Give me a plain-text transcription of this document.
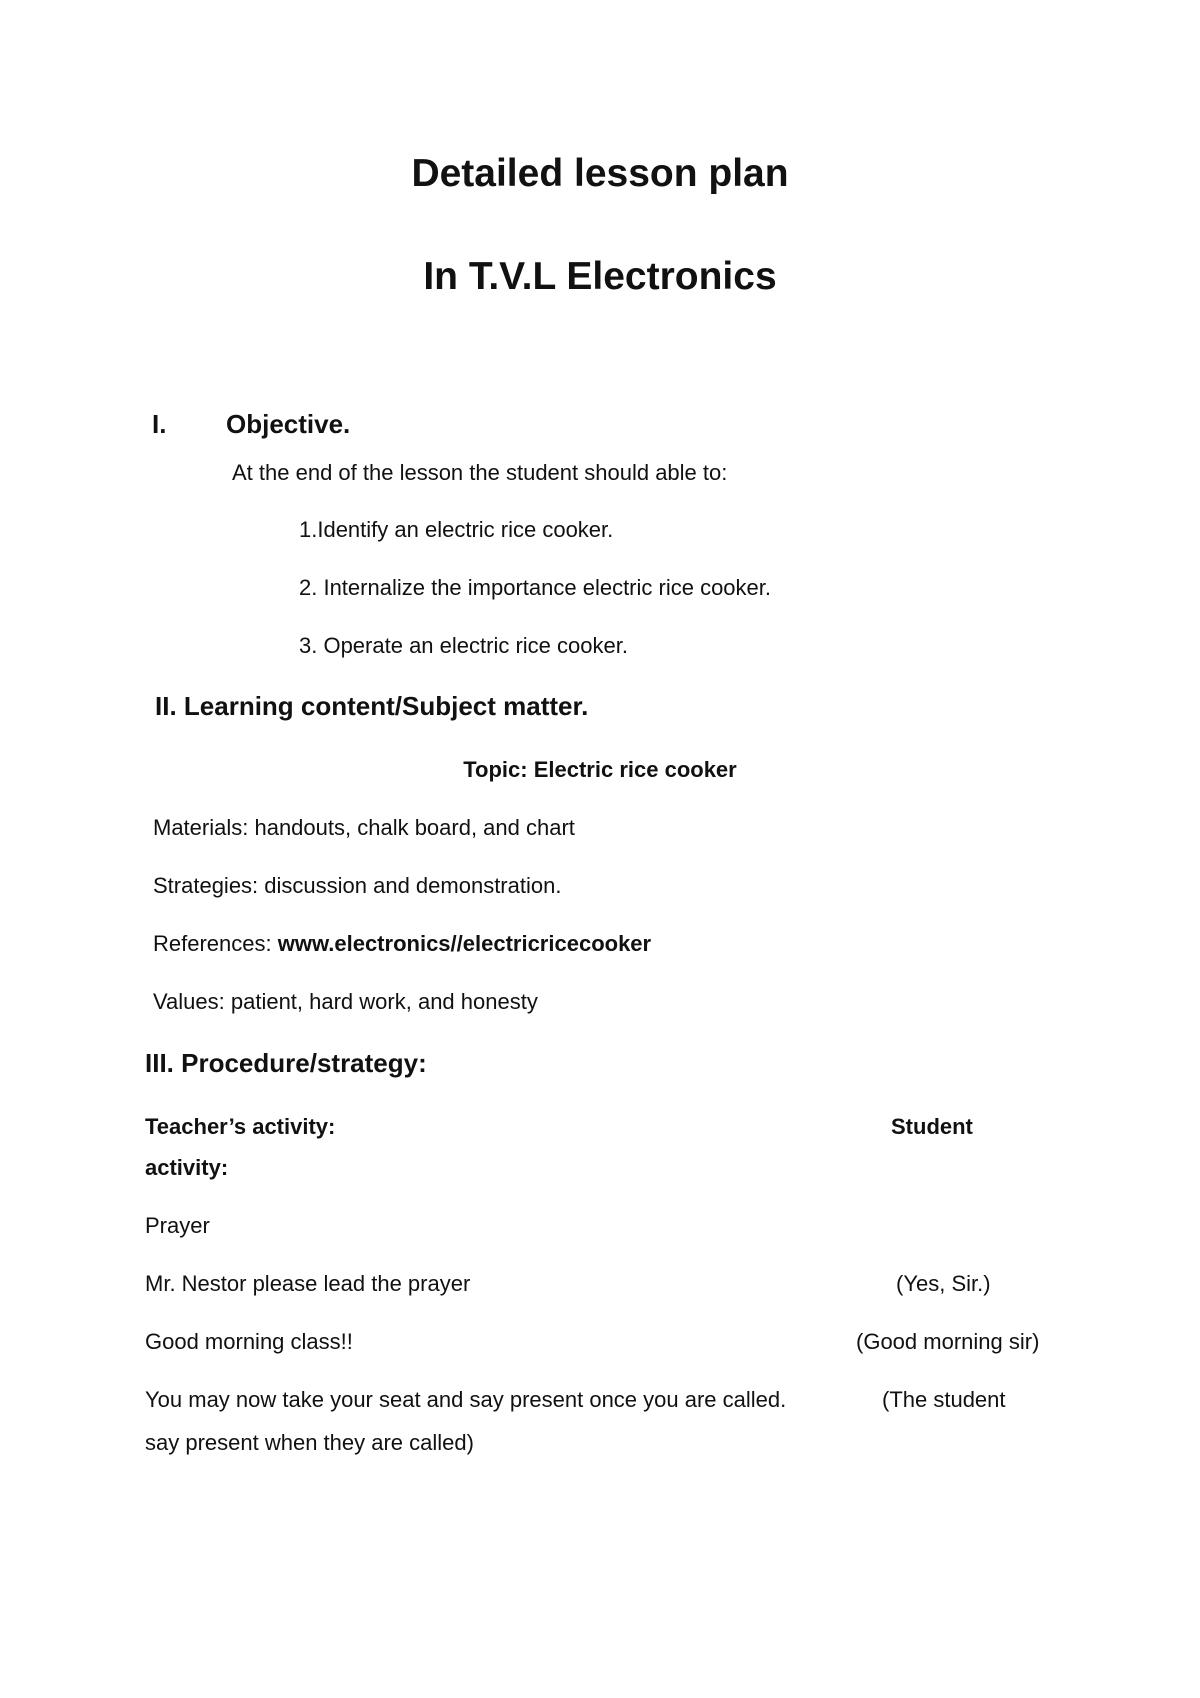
Detailed lesson plan
In T.V.L Electronics
I. Objective.
At the end of the lesson the student should able to:
1.Identify an electric rice cooker.
2. Internalize the importance electric rice cooker.
3. Operate an electric rice cooker.
II. Learning content/Subject matter.
Topic: Electric rice cooker
Materials: handouts, chalk board, and chart
Strategies: discussion and demonstration.
References: www.electronics//electricricecooker
Values: patient, hard work, and honesty
III. Procedure/strategy:
Teacher’s activity:	Student
activity:
Prayer
Mr. Nestor please lead the prayer	(Yes, Sir.)
Good morning class!!	(Good morning sir)
You may now take your seat and say present once you are called.	(The student
say present when they are called)
